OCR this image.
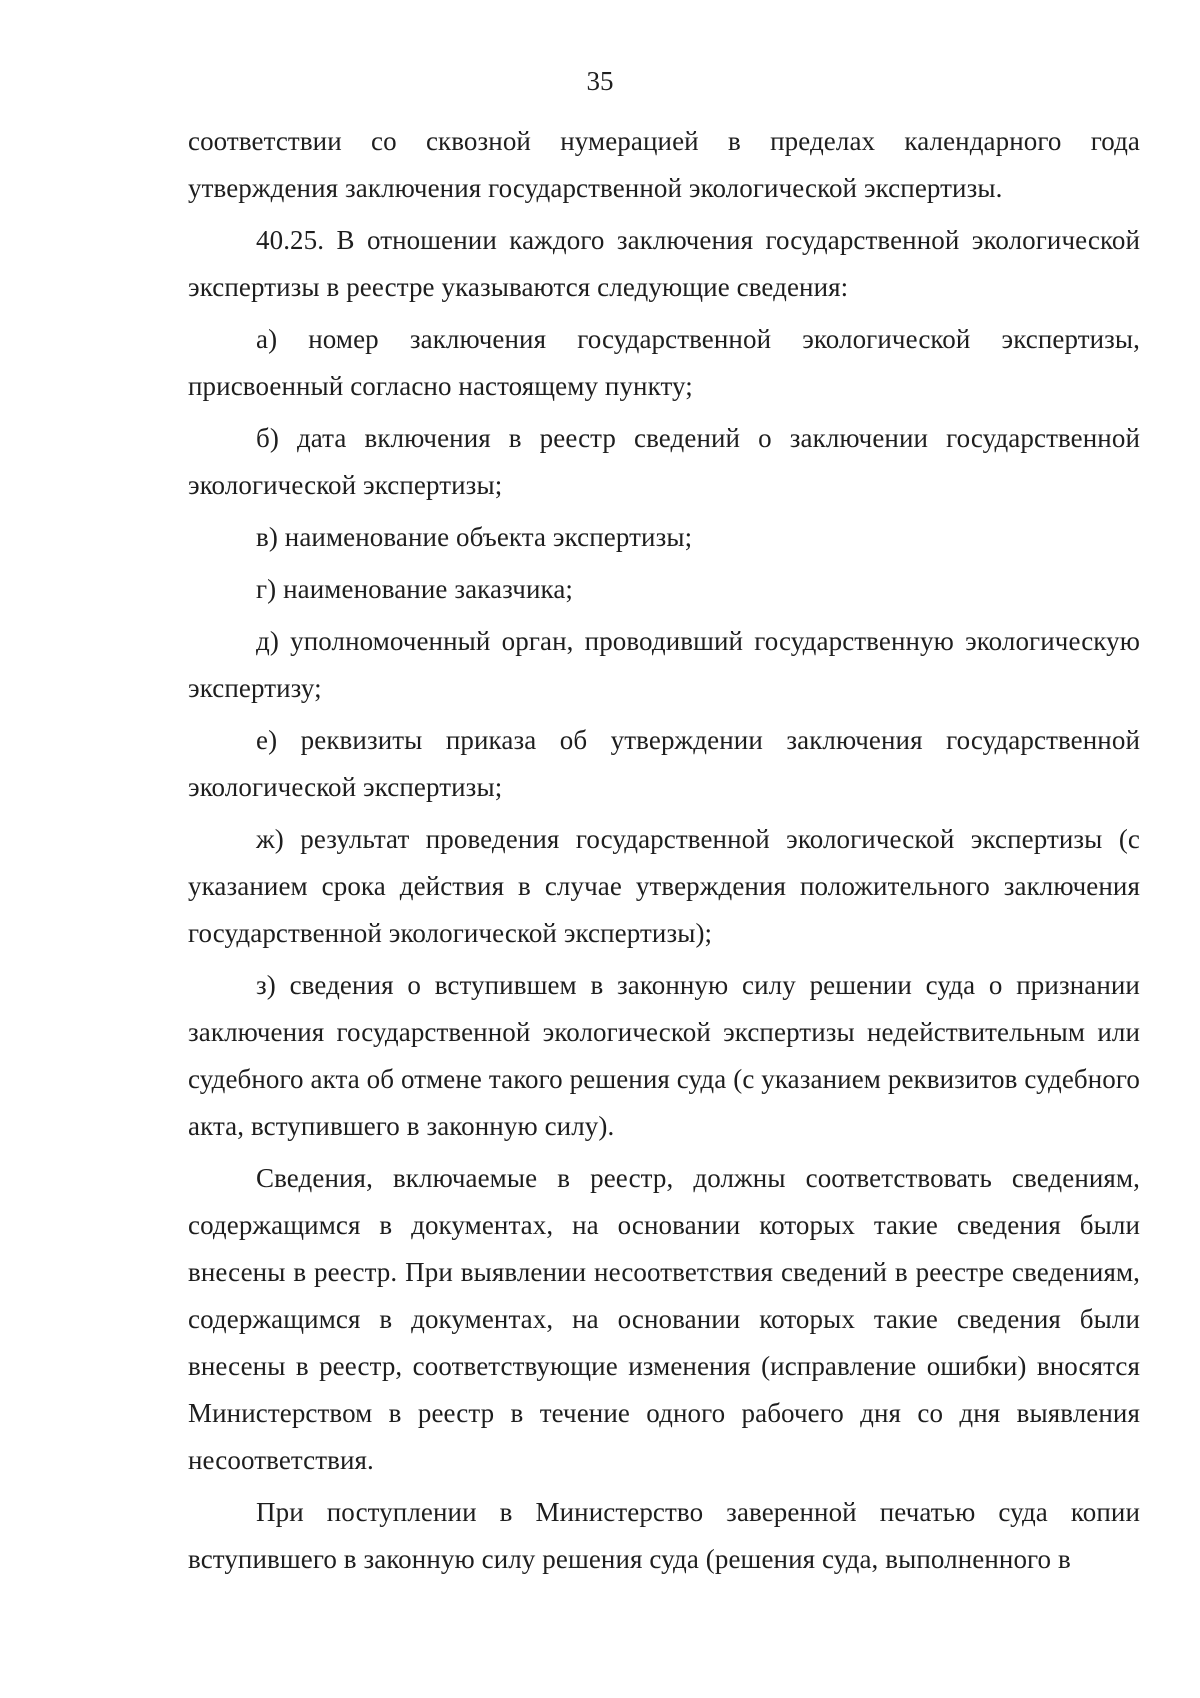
35

соответствии со сквозной нумерацией в пределах календарного года утверждения заключения государственной экологической экспертизы.

40.25. В отношении каждого заключения государственной экологической экспертизы в реестре указываются следующие сведения:

а) номер заключения государственной экологической экспертизы, присвоенный согласно настоящему пункту;

б) дата включения в реестр сведений о заключении государственной экологической экспертизы;

в) наименование объекта экспертизы;

г) наименование заказчика;

д) уполномоченный орган, проводивший государственную экологическую экспертизу;

е) реквизиты приказа об утверждении заключения государственной экологической экспертизы;

ж) результат проведения государственной экологической экспертизы (с указанием срока действия в случае утверждения положительного заключения государственной экологической экспертизы);

з) сведения о вступившем в законную силу решении суда о признании заключения государственной экологической экспертизы недействительным или судебного акта об отмене такого решения суда (с указанием реквизитов судебного акта, вступившего в законную силу).

Сведения, включаемые в реестр, должны соответствовать сведениям, содержащимся в документах, на основании которых такие сведения были внесены в реестр. При выявлении несоответствия сведений в реестре сведениям, содержащимся в документах, на основании которых такие сведения были внесены в реестр, соответствующие изменения (исправление ошибки) вносятся Министерством в реестр в течение одного рабочего дня со дня выявления несоответствия.

При поступлении в Министерство заверенной печатью суда копии вступившего в законную силу решения суда (решения суда, выполненного в
